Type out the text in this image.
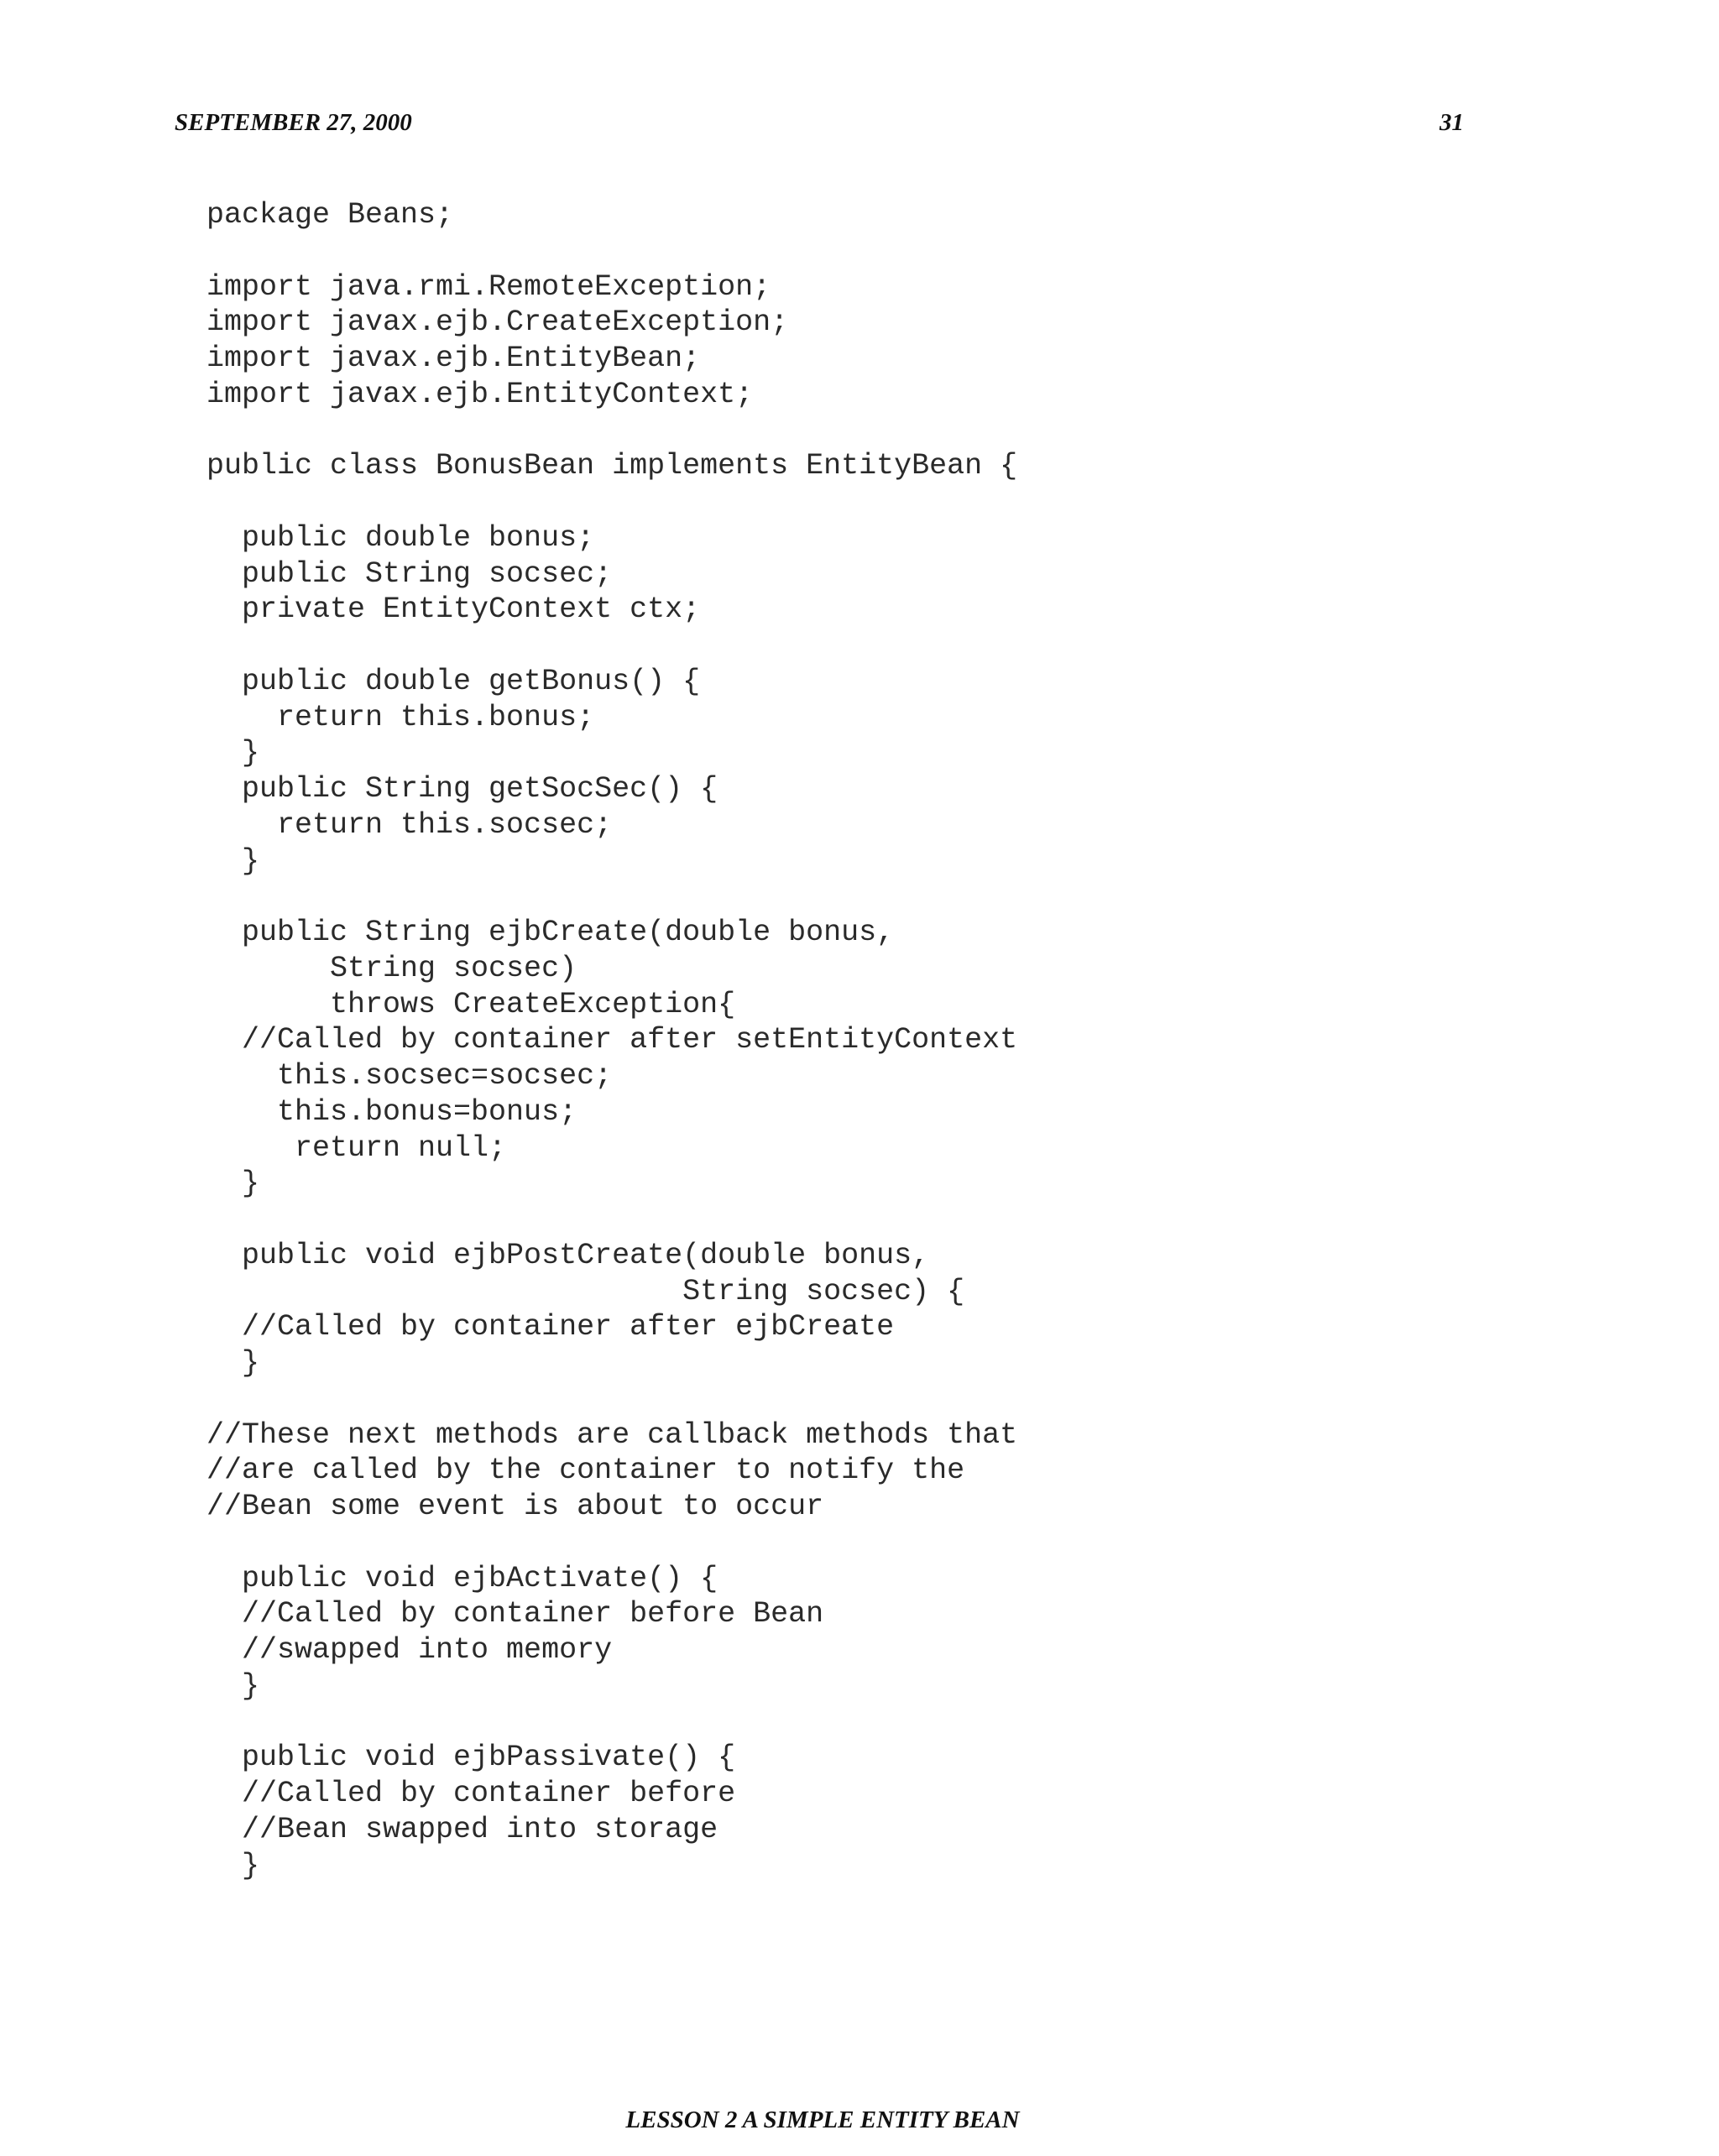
SEPTEMBER 27, 2000	31
package Beans;
import java.rmi.RemoteException;
import javax.ejb.CreateException;
import javax.ejb.EntityBean;
import javax.ejb.EntityContext;
public class BonusBean implements EntityBean {
public double bonus;
public String socsec;
private EntityContext ctx;
public double getBonus() {
return this.bonus;
}
public String getSocSec() {
return this.socsec;
}
public String ejbCreate(double bonus,
String socsec)
throws CreateException{
//Called by container after setEntityContext
this.socsec=socsec;
this.bonus=bonus;
return null;
}
public void ejbPostCreate(double bonus,
String socsec) {
//Called by container after ejbCreate
}
//These next methods are callback methods that
//are called by the container to notify the
//Bean some event is about to occur
public void ejbActivate() {
//Called by container before Bean
//swapped into memory
}
public void ejbPassivate() {
//Called by container before
//Bean swapped into storage
}
LESSON 2 A SIMPLE ENTITY BEAN
